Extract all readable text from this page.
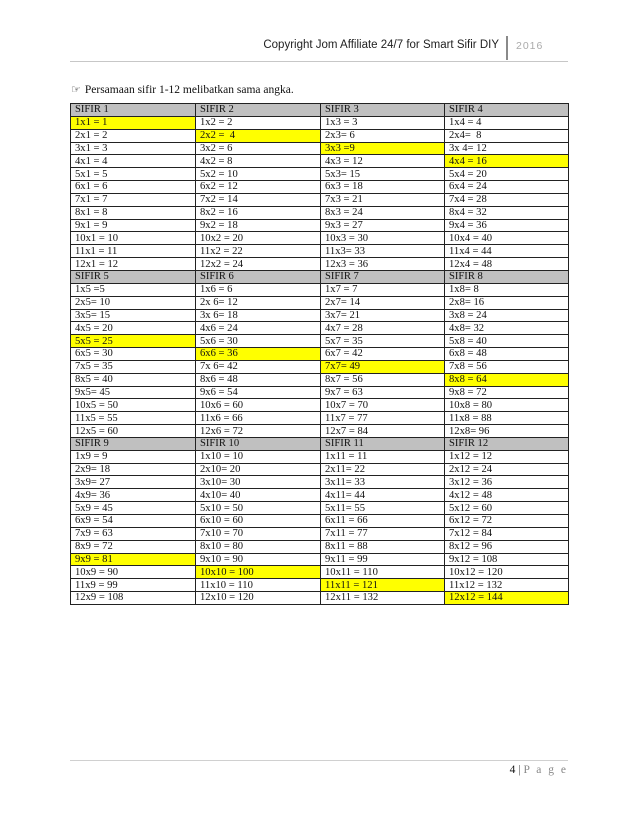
Copyright Jom Affiliate 24/7 for Smart Sifir DIY 2016
☞ Persamaan sifir 1-12 melibatkan sama angka.
SIFIR 1	SIFIR 2	SIFIR 3	SIFIR 4
1x1 = 1	1x2 = 2	1x3 = 3	1x4 = 4
2x1 = 2	2x2 =  4	2x3= 6	2x4=  8
3x1 = 3	3x2 = 6	3x3 =9	3x 4= 12
4x1 = 4	4x2 = 8	4x3 = 12	4x4 = 16
5x1 = 5	5x2 = 10	5x3= 15	5x4 = 20
6x1 = 6	6x2 = 12	6x3 = 18	6x4 = 24
7x1 = 7	7x2 = 14	7x3 = 21	7x4 = 28
8x1 = 8	8x2 = 16	8x3 = 24	8x4 = 32
9x1 = 9	9x2 = 18	9x3 = 27	9x4 = 36
10x1 = 10	10x2 = 20	10x3 = 30	10x4 = 40
11x1 = 11	11x2 = 22	11x3= 33	11x4 = 44
12x1 = 12	12x2 = 24	12x3 = 36	12x4 = 48
SIFIR 5	SIFIR 6	SIFIR 7	SIFIR 8
1x5 =5	1x6 = 6	1x7 = 7	1x8= 8
2x5= 10	2x 6= 12	2x7= 14	2x8= 16
3x5= 15	3x 6= 18	3x7= 21	3x8 = 24
4x5 = 20	4x6 = 24	4x7 = 28	4x8= 32
5x5 = 25	5x6 = 30	5x7 = 35	5x8 = 40
6x5 = 30	6x6 = 36	6x7 = 42	6x8 = 48
7x5 = 35	7x 6= 42	7x7= 49	7x8 = 56
8x5 = 40	8x6 = 48	8x7 = 56	8x8 = 64
9x5= 45	9x6 = 54	9x7 = 63	9x8 = 72
10x5 = 50	10x6 = 60	10x7 = 70	10x8 = 80
11x5 = 55	11x6 = 66	11x7 = 77	11x8 = 88
12x5 = 60	12x6 = 72	12x7 = 84	12x8= 96
SIFIR 9	SIFIR 10	SIFIR 11	SIFIR 12
1x9 = 9	1x10 = 10	1x11 = 11	1x12 = 12
2x9= 18	2x10= 20	2x11= 22	2x12 = 24
3x9= 27	3x10= 30	3x11= 33	3x12 = 36
4x9= 36	4x10= 40	4x11= 44	4x12 = 48
5x9 = 45	5x10 = 50	5x11= 55	5x12 = 60
6x9 = 54	6x10 = 60	6x11 = 66	6x12 = 72
7x9 = 63	7x10 = 70	7x11 = 77	7x12 = 84
8x9 = 72	8x10 = 80	8x11 = 88	8x12 = 96
9x9 = 81	9x10 = 90	9x11 = 99	9x12 = 108
10x9 = 90	10x10 = 100	10x11 = 110	10x12 = 120
11x9 = 99	11x10 = 110	11x11 = 121	11x12 = 132
12x9 = 108	12x10 = 120	12x11 = 132	12x12 = 144
4 | P a g e
